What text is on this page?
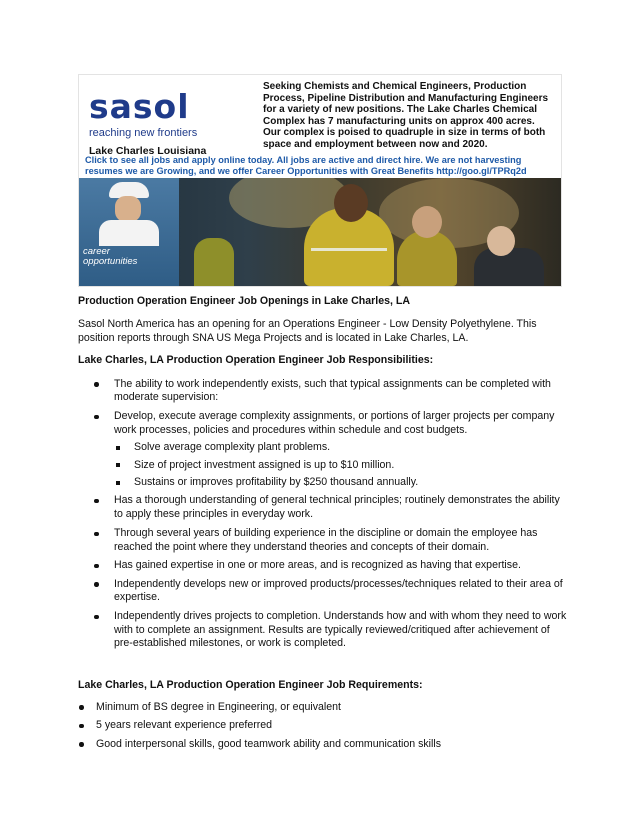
sasol
reaching new frontiers
Lake Charles Louisiana
Seeking Chemists and Chemical Engineers, Production Process, Pipeline Distribution and Manufacturing Engineers for a variety of new positions. The Lake Charles Chemical Complex has 7 manufacturing units on approx 400 acres. Our complex is poised to quadruple in size in terms of both space and employment between now and 2020.
Click to see all jobs and apply online today. All jobs are active and direct hire. We are not harvesting resumes we are Growing, and we offer Career Opportunities with Great Benefits http://goo.gl/TPRq2d
career
opportunities

Production Operation Engineer Job Openings in Lake Charles, LA

Sasol North America has an opening for an Operations Engineer - Low Density Polyethylene. This position reports through SNA US Mega Projects and is located in Lake Charles, LA.

Lake Charles, LA Production Operation Engineer Job Responsibilities:

The ability to work independently exists, such that typical assignments can be completed with moderate supervision:
Develop, execute average complexity assignments, or portions of larger projects per company work processes, policies and procedures within schedule and cost budgets.
Solve average complexity plant problems.
Size of project investment assigned is up to $10 million.
Sustains or improves profitability by $250 thousand annually.
Has a thorough understanding of general technical principles; routinely demonstrates the ability to apply these principles in everyday work.
Through several years of building experience in the discipline or domain the employee has reached the point where they understand theories and concepts of their domain.
Has gained expertise in one or more areas, and is recognized as having that expertise.
Independently develops new or improved products/processes/techniques related to their area of expertise.
Independently drives projects to completion. Understands how and with whom they need to work with to complete an assignment. Results are typically reviewed/critiqued after achievement of pre-established milestones, or work is completed.

Lake Charles, LA Production Operation Engineer Job Requirements:

Minimum of BS degree in Engineering, or equivalent
5 years relevant experience preferred
Good interpersonal skills, good teamwork ability and communication skills
